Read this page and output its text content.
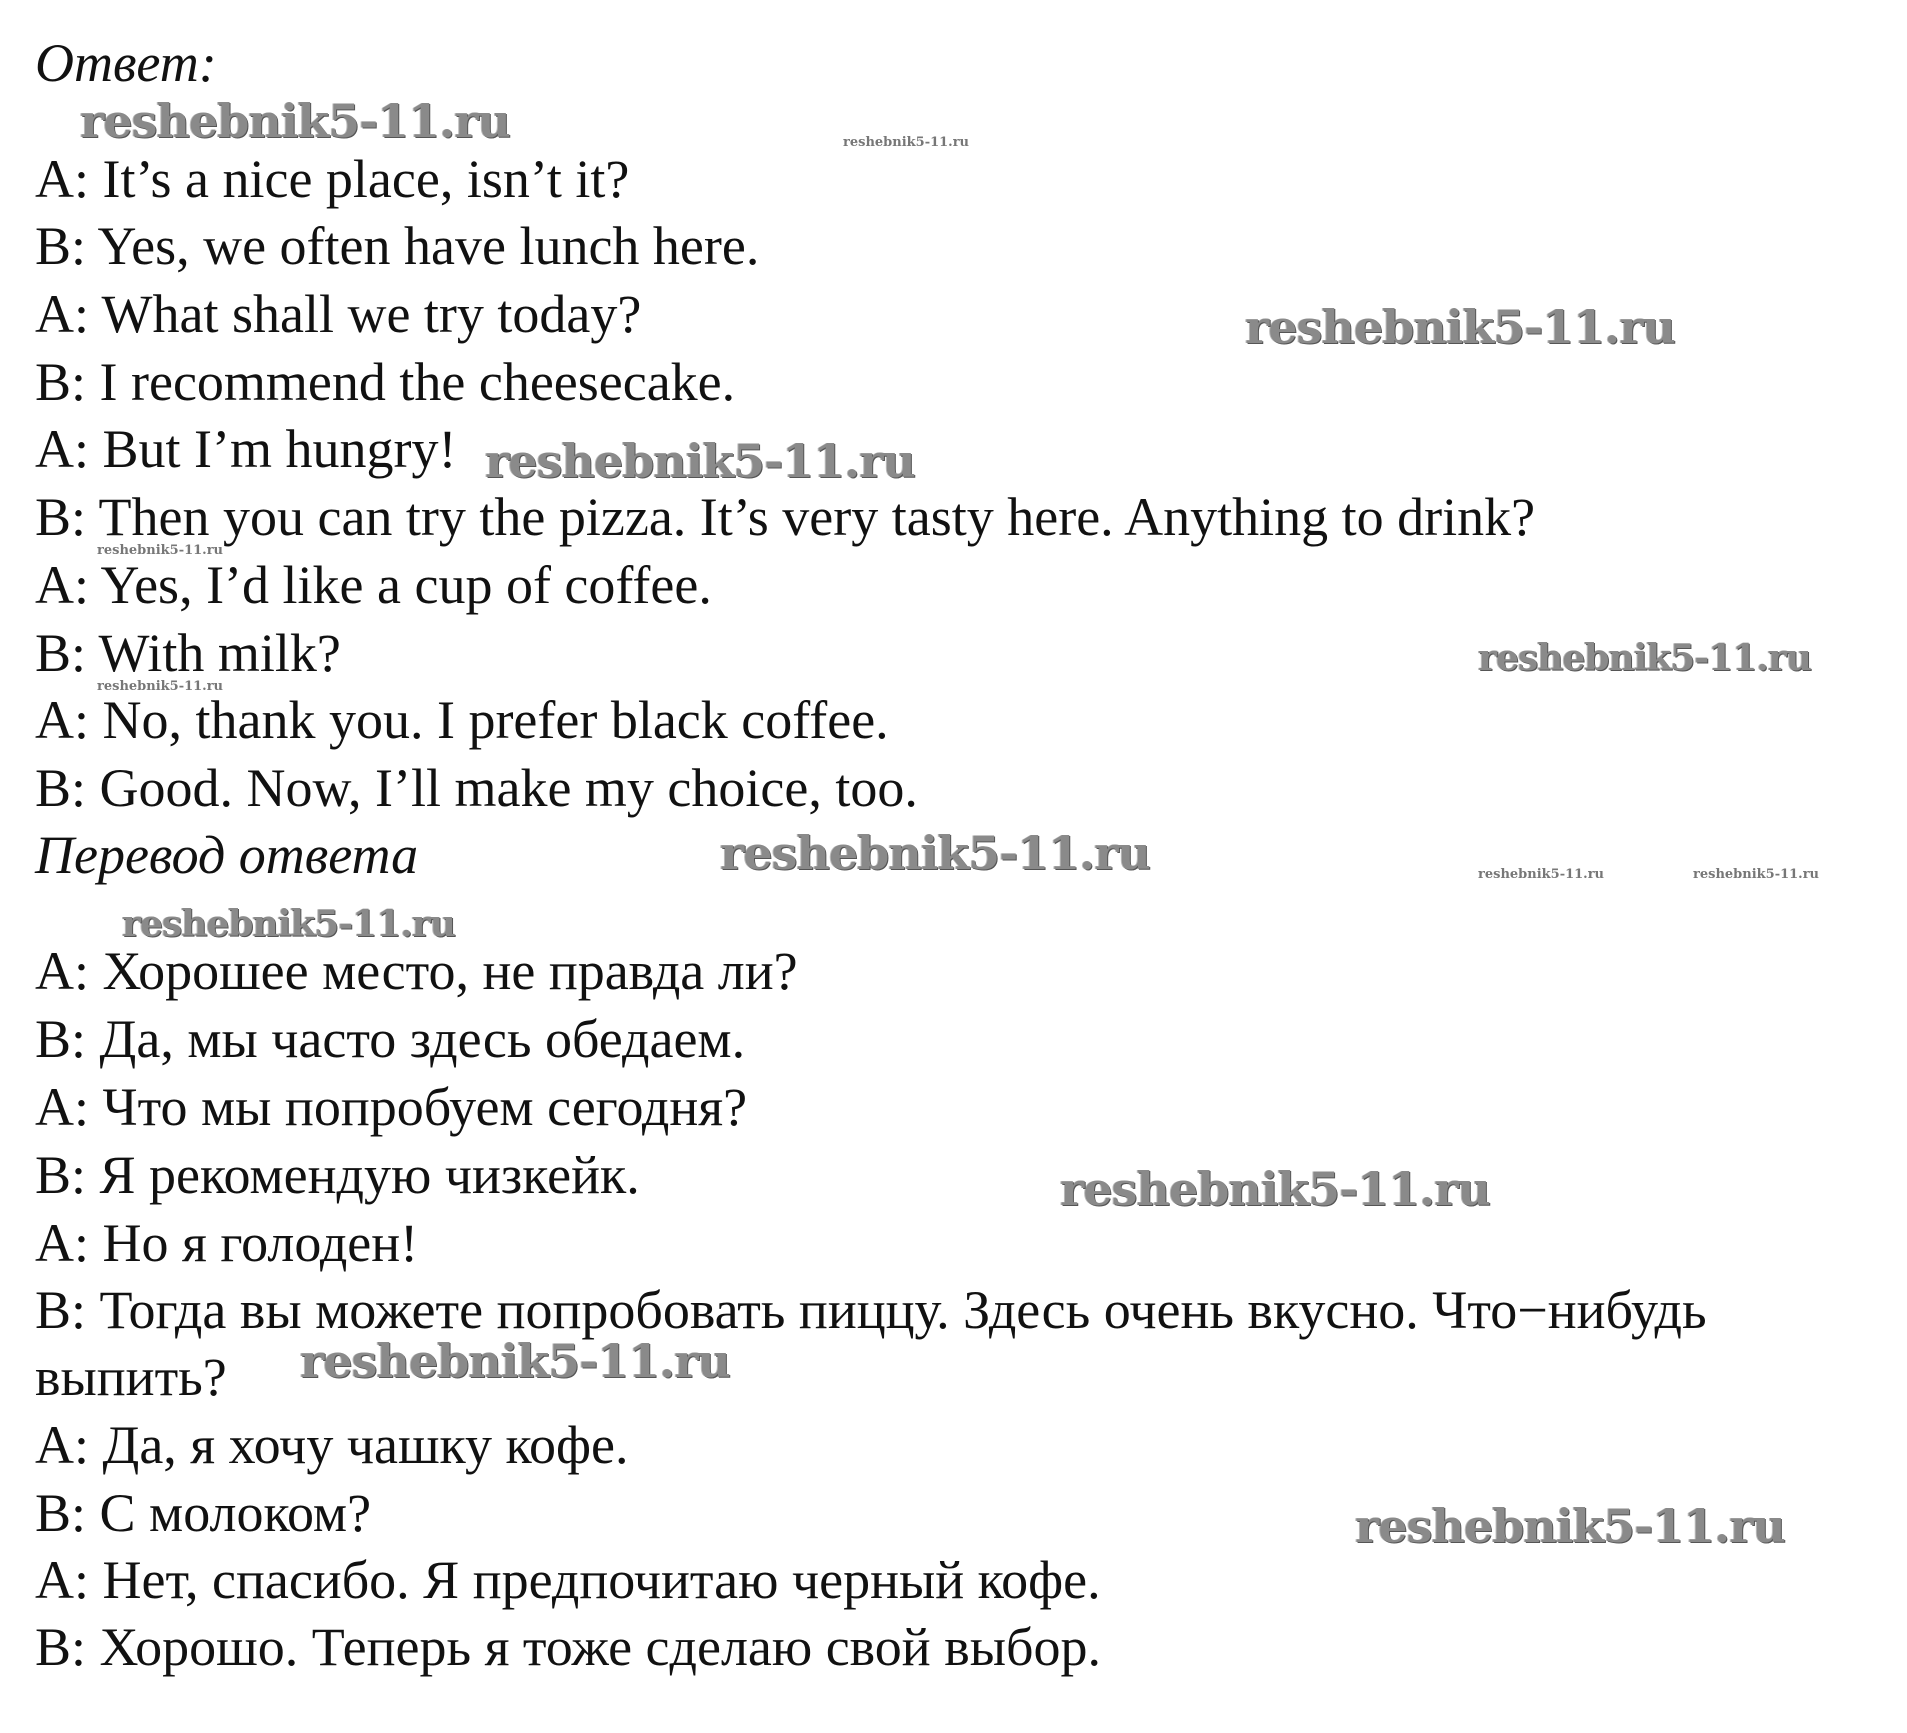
Ответ:
A: It’s a nice place, isn’t it?
B: Yes, we often have lunch here.
A: What shall we try today?
B: I recommend the cheesecake.
A: But I’m hungry!
B: Then you can try the pizza. It’s very tasty here. Anything to drink?
A: Yes, I’d like a cup of coffee.
B: With milk?
A: No, thank you. I prefer black coffee.
B: Good. Now, I’ll make my choice, too.
Перевод ответа
A: Хорошее место, не правда ли?
B: Да, мы часто здесь обедаем.
A: Что мы попробуем сегодня?
B: Я рекомендую чизкейк.
A: Но я голоден!
B: Тогда вы можете попробовать пиццу. Здесь очень вкусно. Что−нибудь
выпить?
A: Да, я хочу чашку кофе.
B: С молоком?
A: Нет, спасибо. Я предпочитаю черный кофе.
B: Хорошо. Теперь я тоже сделаю свой выбор.
reshebnik5-11.ru	reshebnik5-11.ru
reshebnik5-11.ru
reshebnik5-11.ru
reshebnik5-11.ru
reshebnik5-11.ru
reshebnik5-11.ru
reshebnik5-11.ru	reshebnik5-11.ru	reshebnik5-11.ru
reshebnik5-11.ru
reshebnik5-11.ru
reshebnik5-11.ru
reshebnik5-11.ru
